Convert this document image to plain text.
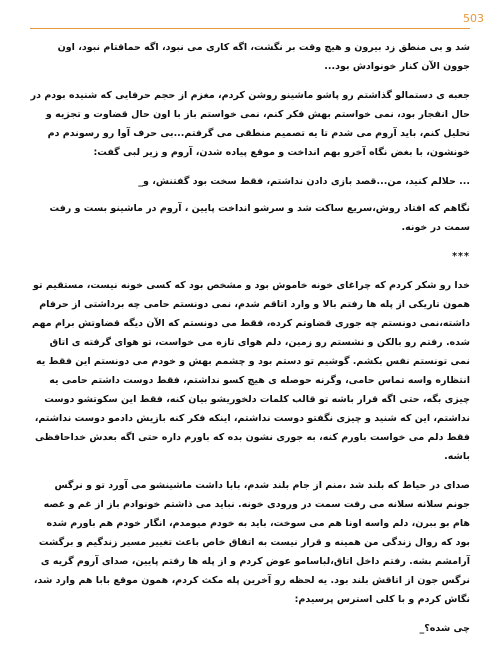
503

شد و بی منطق زد بیرون و هیچ وقت بر نگشت، اگه کاری می نبود، اگه حماقتام نبود، اون جوون الآن کنار خونوادش بود...

جعبه ی دستمالو گذاشتم رو پاشو ماشینو روشن کردم، مغزم از حجم حرفایی که شنیده بودم در حال انفجار بود، نمی خواستم بهش فکر کنم، نمی خواستم باز با اون حال قضاوت و تجزیه و تحلیل کنم، باید آروم می شدم تا یه تصمیم منطقی می گرفتم...بی حرف آوا رو رسوندم دم خونشون، با بغض نگاه آخرو بهم انداخت و موقع پیاده شدن، آروم و زیر لبی گفت:

... حلالم کنید، من...قصد بازی دادن نداشتم، فقط سخت بود گفتنش، و_

نگاهم که افتاد روش،سریع ساکت شد و سرشو انداخت پایین ، آروم در ماشینو بست و رفت سمت در خونه.

***

خدا رو شکر کردم که چراغای خونه خاموش بود و مشخص بود که کسی خونه نیست، مستقیم تو همون تاریکی از پله ها رفتم بالا و وارد اتاقم شدم، نمی دونستم حامی چه برداشتی از حرفام داشته،نمی دونستم چه جوری قضاوتم کرده، فقط می دونستم که الآن دیگه قضاوتش برام مهم شده. رفتم رو بالکن و نشستم رو زمین، دلم هوای تازه می خواست، تو هوای گرفته ی اتاق نمی تونستم نفس بکشم. گوشیم تو دستم بود و چشمم بهش و خودم می دونستم این فقط یه انتظاره واسه تماس حامی، وگرنه حوصله ی هیچ کسو نداشتم، فقط دوست داشتم حامی یه چیزی بگه، حتی اگه قرار باشه تو قالب کلمات دلخوریشو بیان کنه، فقط این سکوتشو دوست نداشتم، این که شنید و چیزی نگفتو دوست نداشتم، اینکه فکر کنه بازیش دادمو دوست نداشتم، فقط دلم می خواست باورم کنه، به جوری نشون بده که باورم داره حتی اگه بعدش خداحافظی باشه.

صدای در حیاط که بلند شد ،منم از جام بلند شدم، بابا داشت ماشینشو می آورد تو و نرگس جونم سلانه سلانه می رفت سمت در ورودی خونه. نباید می ذاشتم خونوادم باز از غم و غصه هام بو ببرن، دلم واسه اونا هم می سوخت، باید به خودم میومدم، انگار خودم هم باورم شده بود که روال زندگی من همینه و قرار نیست به اتفاق خاص باعث تغییر مسیر زندگیم و برگشت آرامشم بشه. رفتم داخل اتاق،لباسامو عوض کردم و از پله ها رفتم پایین، صدای آروم گریه ی نرگس جون از اتاقش بلند بود. یه لحظه رو آخرین پله مکث کردم، همون موقع بابا هم وارد شد، نگاش کردم و با کلی استرس پرسیدم:

چی شده؟_
